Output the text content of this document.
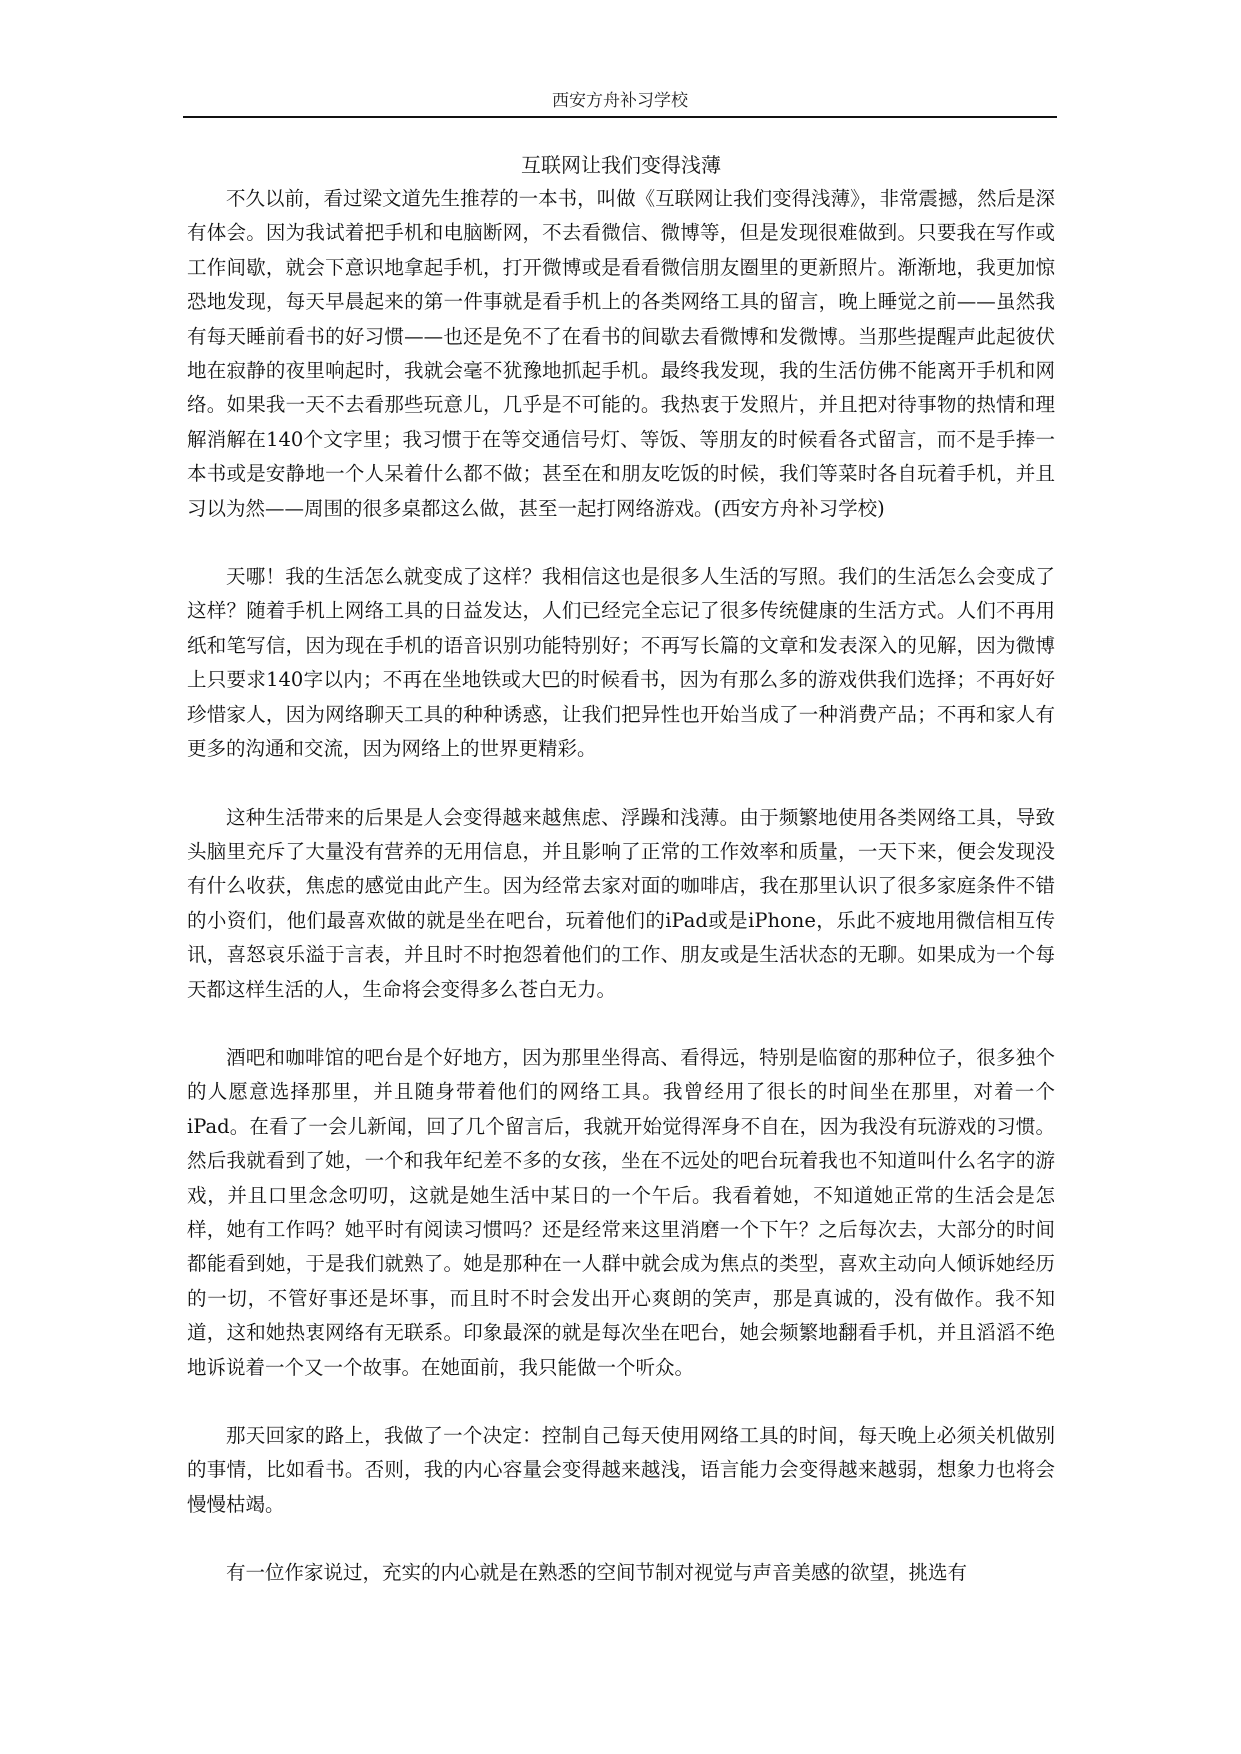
西安方舟补习学校

互联网让我们变得浅薄

不久以前，看过梁文道先生推荐的一本书，叫做《互联网让我们变得浅薄》，非常震撼，然后是深有体会。因为我试着把手机和电脑断网，不去看微信、微博等，但是发现很难做到。只要我在写作或工作间歇，就会下意识地拿起手机，打开微博或是看看微信朋友圈里的更新照片。渐渐地，我更加惊恐地发现，每天早晨起来的第一件事就是看手机上的各类网络工具的留言，晚上睡觉之前——虽然我有每天睡前看书的好习惯——也还是免不了在看书的间歇去看微博和发微博。当那些提醒声此起彼伏地在寂静的夜里响起时，我就会毫不犹豫地抓起手机。最终我发现，我的生活仿佛不能离开手机和网络。如果我一天不去看那些玩意儿，几乎是不可能的。我热衷于发照片，并且把对待事物的热情和理解消解在140个文字里；我习惯于在等交通信号灯、等饭、等朋友的时候看各式留言，而不是手捧一本书或是安静地一个人呆着什么都不做；甚至在和朋友吃饭的时候，我们等菜时各自玩着手机，并且习以为然——周围的很多桌都这么做，甚至一起打网络游戏。(西安方舟补习学校)

天哪！我的生活怎么就变成了这样？我相信这也是很多人生活的写照。我们的生活怎么会变成了这样？随着手机上网络工具的日益发达，人们已经完全忘记了很多传统健康的生活方式。人们不再用纸和笔写信，因为现在手机的语音识别功能特别好；不再写长篇的文章和发表深入的见解，因为微博上只要求140字以内；不再在坐地铁或大巴的时候看书，因为有那么多的游戏供我们选择；不再好好珍惜家人，因为网络聊天工具的种种诱惑，让我们把异性也开始当成了一种消费产品；不再和家人有更多的沟通和交流，因为网络上的世界更精彩。

这种生活带来的后果是人会变得越来越焦虑、浮躁和浅薄。由于频繁地使用各类网络工具，导致头脑里充斥了大量没有营养的无用信息，并且影响了正常的工作效率和质量，一天下来，便会发现没有什么收获，焦虑的感觉由此产生。因为经常去家对面的咖啡店，我在那里认识了很多家庭条件不错的小资们，他们最喜欢做的就是坐在吧台，玩着他们的iPad或是iPhone，乐此不疲地用微信相互传讯，喜怒哀乐溢于言表，并且时不时抱怨着他们的工作、朋友或是生活状态的无聊。如果成为一个每天都这样生活的人，生命将会变得多么苍白无力。

酒吧和咖啡馆的吧台是个好地方，因为那里坐得高、看得远，特别是临窗的那种位子，很多独个的人愿意选择那里，并且随身带着他们的网络工具。我曾经用了很长的时间坐在那里，对着一个iPad。在看了一会儿新闻，回了几个留言后，我就开始觉得浑身不自在，因为我没有玩游戏的习惯。然后我就看到了她，一个和我年纪差不多的女孩，坐在不远处的吧台玩着我也不知道叫什么名字的游戏，并且口里念念叨叨，这就是她生活中某日的一个午后。我看着她，不知道她正常的生活会是怎样，她有工作吗？她平时有阅读习惯吗？还是经常来这里消磨一个下午？之后每次去，大部分的时间都能看到她，于是我们就熟了。她是那种在一人群中就会成为焦点的类型，喜欢主动向人倾诉她经历的一切，不管好事还是坏事，而且时不时会发出开心爽朗的笑声，那是真诚的，没有做作。我不知道，这和她热衷网络有无联系。印象最深的就是每次坐在吧台，她会频繁地翻看手机，并且滔滔不绝地诉说着一个又一个故事。在她面前，我只能做一个听众。

那天回家的路上，我做了一个决定：控制自己每天使用网络工具的时间，每天晚上必须关机做别的事情，比如看书。否则，我的内心容量会变得越来越浅，语言能力会变得越来越弱，想象力也将会慢慢枯竭。

有一位作家说过，充实的内心就是在熟悉的空间节制对视觉与声音美感的欲望，挑选有
